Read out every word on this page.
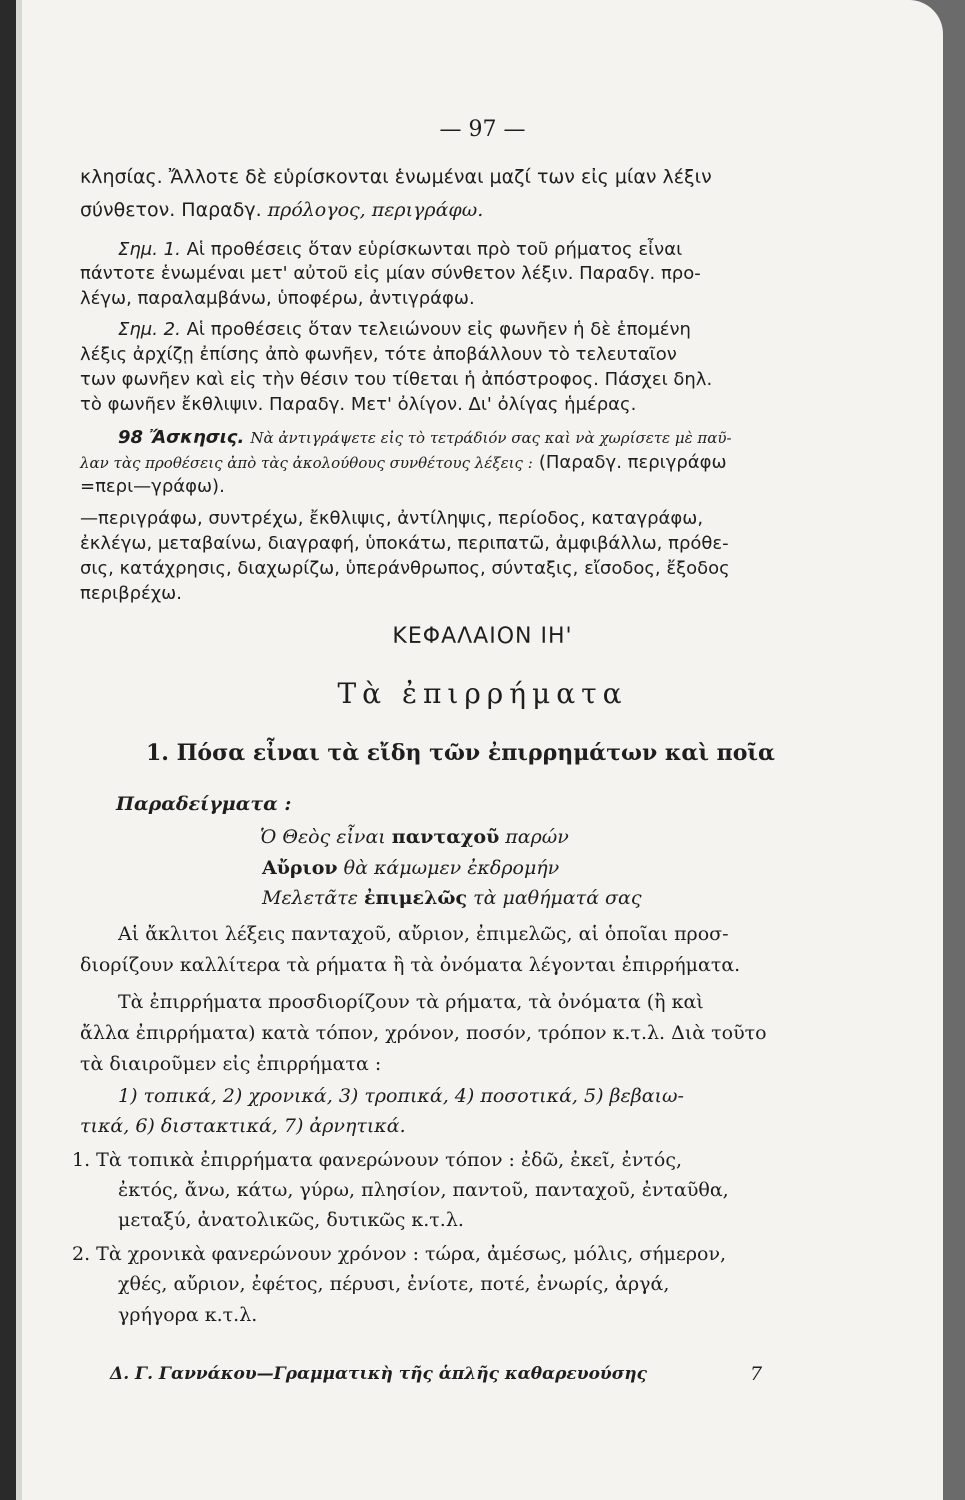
— 97 —
κλησίας. Ἄλλοτε δὲ εὑρίσκονται ἑνωμέναι μαζί των εἰς μίαν λέξιν
σύνθετον. Παραδγ. πρόλογος, περιγράφω.
Σημ. 1. Αἱ προθέσεις ὅταν εὑρίσκωνται πρὸ τοῦ ρήματος εἶναι
πάντοτε ἑνωμέναι μετ' αὐτοῦ εἰς μίαν σύνθετον λέξιν. Παραδγ. προ-
λέγω, παραλαμβάνω, ὑποφέρω, ἀντιγράφω.
Σημ. 2. Αἱ προθέσεις ὅταν τελειώνουν εἰς φωνῆεν ἡ δὲ ἑπομένη
λέξις ἀρχίζῃ ἐπίσης ἀπὸ φωνῆεν, τότε ἀποβάλλουν τὸ τελευταῖον
των φωνῆεν καὶ εἰς τὴν θέσιν του τίθεται ἡ ἀπόστροφος. Πάσχει δηλ.
τὸ φωνῆεν ἔκθλιψιν. Παραδγ. Μετ' ὀλίγον. Δι' ὀλίγας ἡμέρας.
98 Ἄσκησις. Νὰ ἀντιγράψετε εἰς τὸ τετράδιόν σας καὶ νὰ χωρίσετε μὲ παῦ-
λαν τὰς προθέσεις ἀπὸ τὰς ἀκολούθους συνθέτους λέξεις : (Παραδγ. περιγράφω
=περι—γράφω).
—περιγράφω, συντρέχω, ἔκθλιψις, ἀντίληψις, περίοδος, καταγράφω,
ἐκλέγω, μεταβαίνω, διαγραφή, ὑποκάτω, περιπατῶ, ἀμφιβάλλω, πρόθε-
σις, κατάχρησις, διαχωρίζω, ὑπεράνθρωπος, σύνταξις, εἴσοδος, ἔξοδος
περιβρέχω.
ΚΕΦΑΛΑΙΟΝ ΙΗ'
Τὰ ἐπιρρήματα
1. Πόσα εἶναι τὰ εἴδη τῶν ἐπιρρημάτων καὶ ποῖα
Παραδείγματα :
Ὁ Θεὸς εἶναι πανταχοῦ παρών
Αὔριον θὰ κάμωμεν ἐκδρομήν
Μελετᾶτε ἐπιμελῶς τὰ μαθήματά σας
Αἱ ἄκλιτοι λέξεις πανταχοῦ, αὔριον, ἐπιμελῶς, αἱ ὁποῖαι προσ-
διορίζουν καλλίτερα τὰ ρήματα ἢ τὰ ὀνόματα λέγονται ἐπιρρήματα.
Τὰ ἐπιρρήματα προσδιορίζουν τὰ ρήματα, τὰ ὀνόματα (ἢ καὶ
ἄλλα ἐπιρρήματα) κατὰ τόπον, χρόνον, ποσόν, τρόπον κ.τ.λ. Διὰ τοῦτο
τὰ διαιροῦμεν εἰς ἐπιρρήματα :
1) τοπικά, 2) χρονικά, 3) τροπικά, 4) ποσοτικά, 5) βεβαιω-
τικά, 6) διστακτικά, 7) ἀρνητικά.
1. Τὰ τοπικὰ ἐπιρρήματα φανερώνουν τόπον : ἐδῶ, ἐκεῖ, ἐντός,
ἐκτός, ἄνω, κάτω, γύρω, πλησίον, παντοῦ, πανταχοῦ, ἐνταῦθα,
μεταξύ, ἀνατολικῶς, δυτικῶς κ.τ.λ.
2. Τὰ χρονικὰ φανερώνουν χρόνον : τώρα, ἀμέσως, μόλις, σήμερον,
χθές, αὔριον, ἐφέτος, πέρυσι, ἐνίοτε, ποτέ, ἐνωρίς, ἀργά,
γρήγορα κ.τ.λ.
Δ. Γ. Γαννάκου—Γραμματικὴ τῆς ἁπλῆς καθαρευούσης	7
